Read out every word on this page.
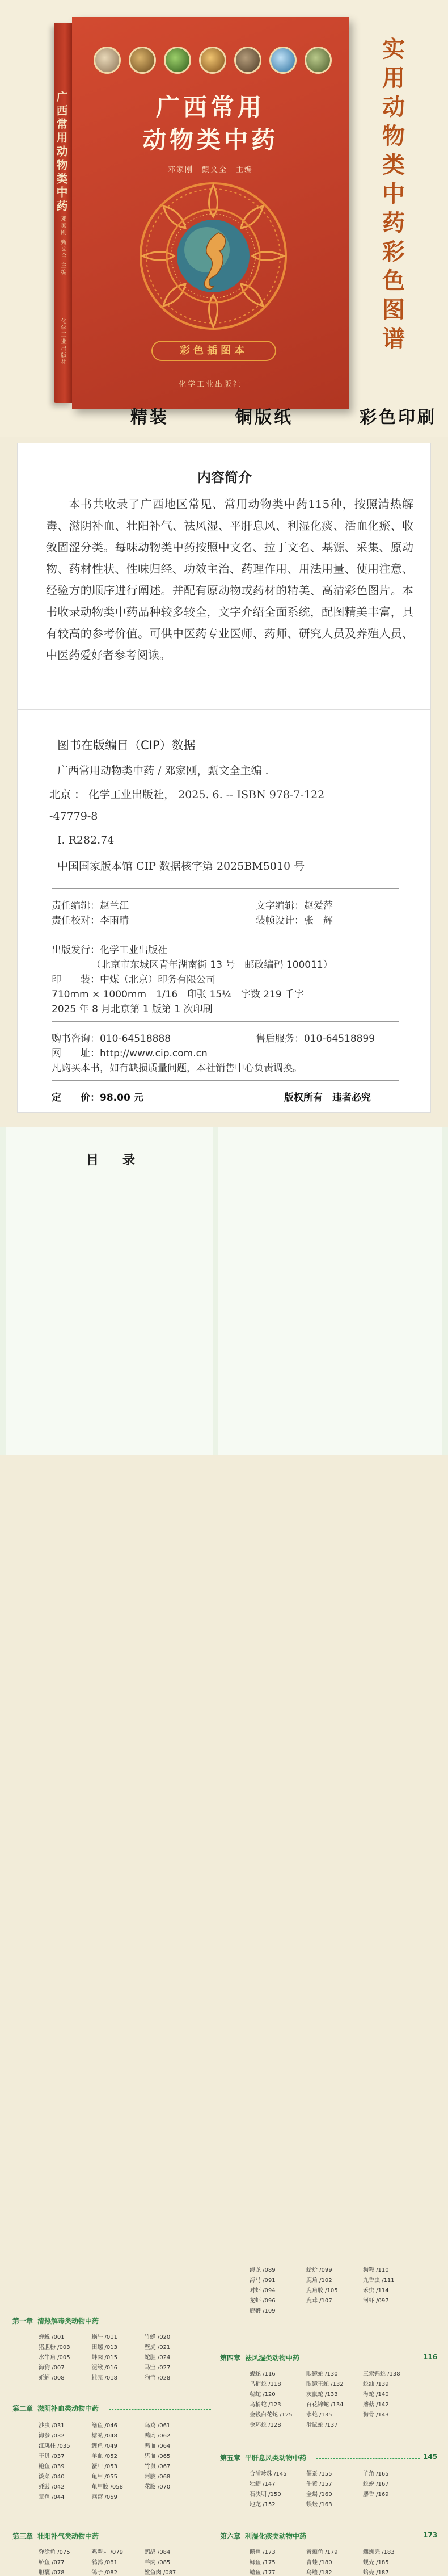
广西常用动物类中药
邓家刚 甄文全 主编
化学工业出版社
广西常用
动物类中药
邓家刚　甄文全　主编
彩色插图本
化学工业出版社
实
用
动
物
类
中
药
彩
色
图
谱
精装	铜版纸	彩色印刷
内容简介

本书共收录了广西地区常见、常用动物类中药115种，按照清热解毒、滋阴补血、壮阳补气、祛风湿、平肝息风、利湿化痰、活血化瘀、收敛固涩分类。每味动物类中药按照中文名、拉丁文名、基源、采集、原动物、药材性状、性味归经、功效主治、药理作用、用法用量、使用注意、经验方的顺序进行阐述。并配有原动物或药材的精美、高清彩色图片。本书收录动物类中药品种较多较全，文字介绍全面系统，配图精美丰富，具有较高的参考价值。可供中医药专业医师、药师、研究人员及养殖人员、中医药爱好者参考阅读。

图书在版编目（CIP）数据
广西常用动物类中药 / 邓家刚，甄文全主编 .
北京 ： 化学工业出版社， 2025. 6. -- ISBN 978-7-122
-47779-8
Ⅰ. R282.74
中国国家版本馆 CIP 数据核字第 2025BM5010 号
责任编辑：赵兰江	文字编辑：赵爱萍
责任校对：李雨晴	装帧设计：张　辉
出版发行：化学工业出版社
（北京市东城区青年湖南街 13 号　邮政编码 100011）
印　　装：中煤（北京）印务有限公司
710mm × 1000mm　1/16　印张 15¼　字数 219 千字
2025 年 8 月北京第 1 版第 1 次印刷
购书咨询：010-64518888	售后服务：010-64518899
网　　址：http://www.cip.com.cn
凡购买本书，如有缺损质量问题，本社销售中心负责调换。
定　　价：98.00 元	版权所有　违者必究
目　录
第一章 清热解毒类动物中药
蝉蜕 /001	蜗牛 /011	竹蜂 /020
猪胆粉 /003	田螺 /013	壁虎 /021
水牛角 /005	蚌肉 /015	蛇胆 /024
海狗 /007	泥鳅 /016	马宝 /027
蚯蚓 /008	蛙壳 /018	狗宝 /028
第二章 滋阴补血类动物中药
沙虫 /031	鳝鱼 /046	乌鸡 /061
海参 /032	塘虱 /048	鸭肉 /062
江珧柱 /035	鲤鱼 /049	鸭血 /064
干贝 /037	羊血 /052	猪血 /065
鲍鱼 /039	蟹甲 /053	竹鼠 /067
淡菜 /040	龟甲 /055	阿胶 /068
蚝豉 /042	龟甲胶 /058	花胶 /070
章鱼 /044	燕窝 /059
第三章 壮阳补气类动物中药
弹涂鱼 /075	鸡翠丸 /079	鹧鸪 /084
鲈鱼 /077	鹌鹑 /081	羊肉 /085
胆囊 /078	鸽子 /082	鲨鱼肉 /087
海龙 /089	蛤蚧 /099	狗鞭 /110
海马 /091	鹿角 /102	九香虫 /111
对虾 /094	鹿角胶 /105	禾虫 /114
龙虾 /096	鹿茸 /107	河虾 /097
鹿鞭 /109
第四章 祛风湿类动物中药	116
蝮蛇 /116	眼镜蛇 /130	三索锦蛇 /138
乌梢蛇 /118	眼镜王蛇 /132	蛇油 /139
蕲蛇 /120	灰鼠蛇 /133	海蛇 /140
乌梢蛇 /123	百花锦蛇 /134	蘑菇 /142
金钱白花蛇 /125	水蛇 /135	狗骨 /143
金环蛇 /128	滑鼠蛇 /137
第五章 平肝息风类动物中药	145
合浦珍珠 /145	僵蚕 /155	羊角 /165
牡蛎 /147	牛黄 /157	蛇蜕 /167
石决明 /150	全蝎 /160	麝香 /169
地龙 /152	蜈蚣 /163
第六章 利湿化痰类动物中药	173
鳝鱼 /173	黄颡鱼 /179	螺蛳壳 /183
鲫鱼 /175	青蛙 /180	蚬壳 /185
鳢鱼 /177	乌鳢 /182	蛤壳 /187
